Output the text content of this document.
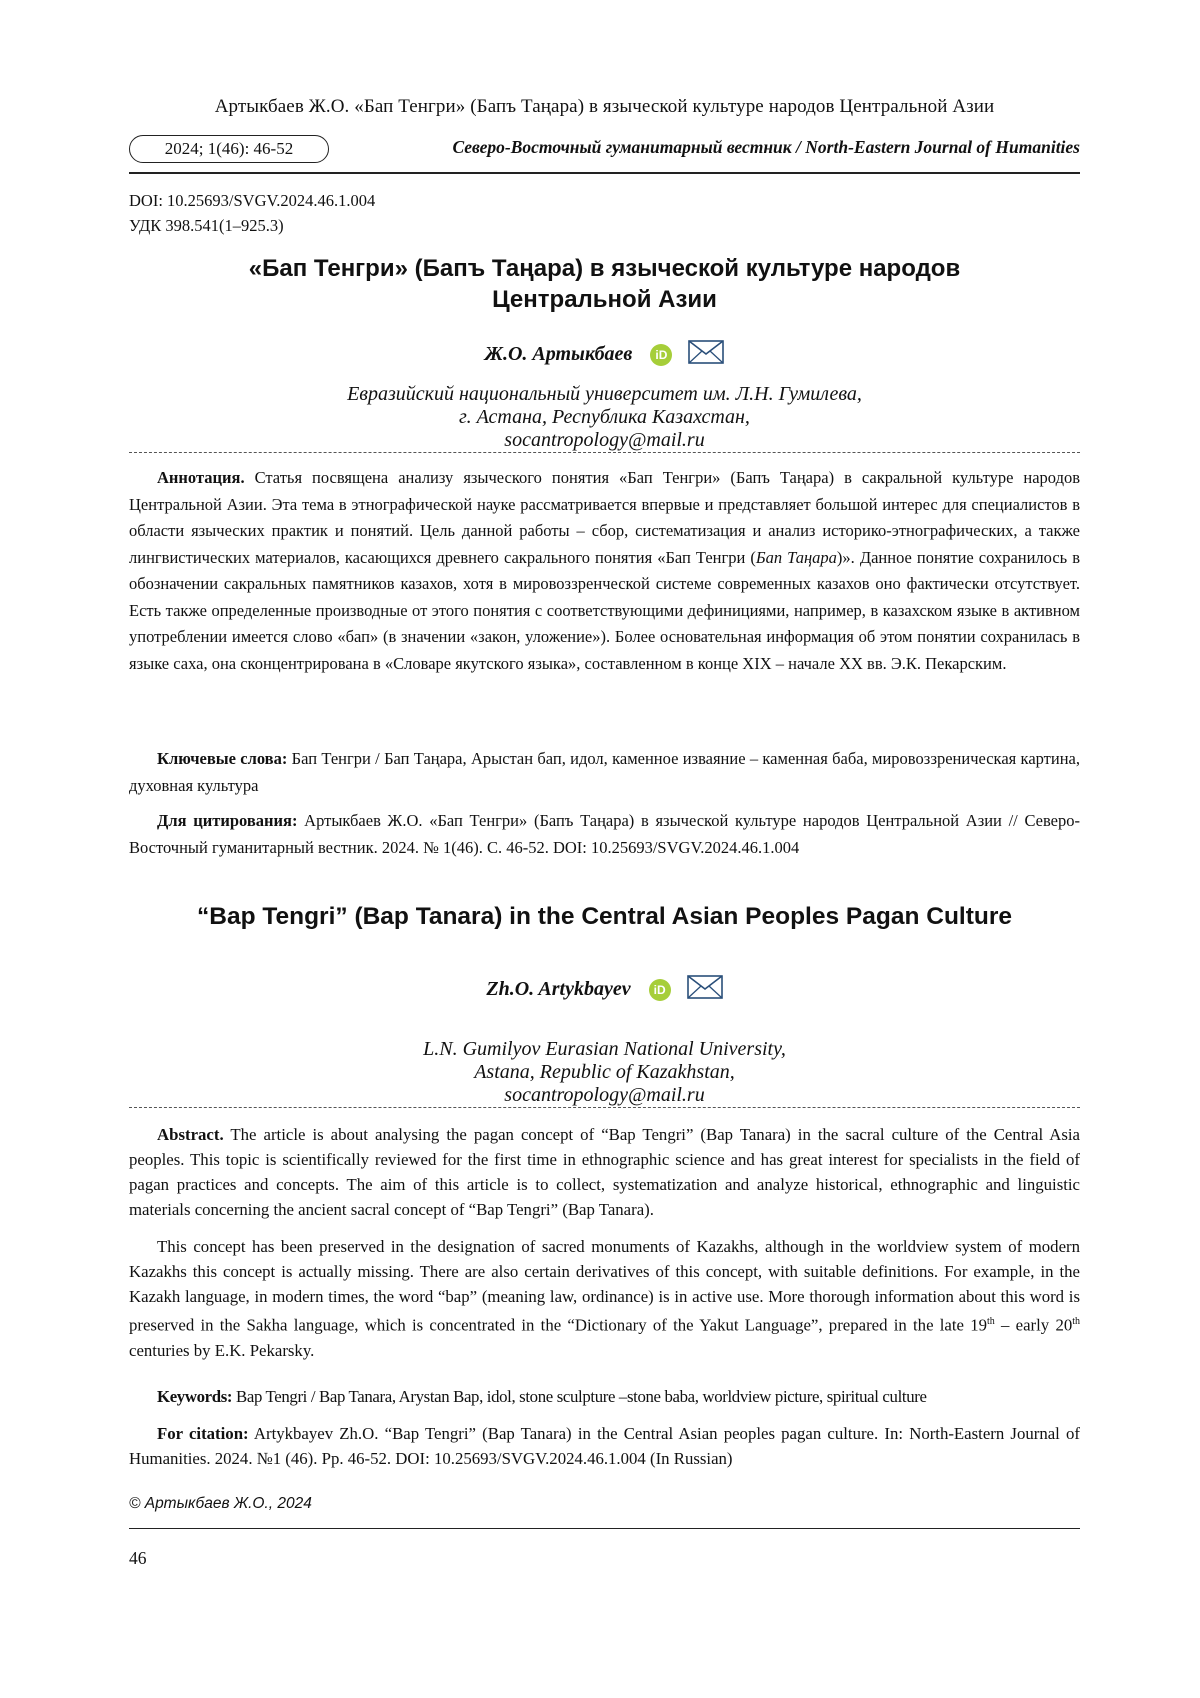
Артыкбаев Ж.О. «Бап Тенгри» (Бапъ Таңара) в языческой культуре народов Центральной Азии
2024; 1(46): 46-52	Северо-Восточный гуманитарный вестник / North-Eastern Journal of Humanities
DOI: 10.25693/SVGV.2024.46.1.004
УДК 398.541(1–925.3)
«Бап Тенгри» (Бапъ Таңара) в языческой культуре народов
Центральной Азии
Ж.О. Артыкбаев iD
Евразийский национальный университет им. Л.Н. Гумилева,
г. Астана, Республика Казахстан,
socantropology@mail.ru

Аннотация. Статья посвящена анализу языческого понятия «Бап Тенгри» (Бапъ Таңара) в сакральной культуре народов Центральной Азии. Эта тема в этнографической науке рассматривается впервые и представляет большой интерес для специалистов в области языческих практик и понятий. Цель данной работы – сбор, систематизация и анализ историко-этнографических, а также лингвистических материалов, касающихся древнего сакрального понятия «Бап Тенгри (Бап Таңара)». Данное понятие сохранилось в обозначении сакральных памятников казахов, хотя в мировоззренческой системе современных казахов оно фактически отсутствует. Есть также определенные производные от этого понятия с соответствующими дефинициями, например, в казахском языке в активном употреблении имеется слово «бап» (в значении «закон, уложение»). Более основательная информация об этом понятии сохранилась в языке саха, она сконцентрирована в «Словаре якутского языка», составленном в конце XIX – начале XX вв. Э.К. Пекарским.

Ключевые слова: Бап Тенгри / Бап Таңара, Арыстан бап, идол, каменное изваяние – каменная баба, мировоззреническая картина, духовная культура

Для цитирования: Артыкбаев Ж.О. «Бап Тенгри» (Бапъ Таңара) в языческой культуре народов Центральной Азии // Северо-Восточный гуманитарный вестник. 2024. № 1(46). С. 46-52. DOI: 10.25693/SVGV.2024.46.1.004

“Bap Tengri” (Bap Tanara) in the Central Asian Peoples Pagan Culture
Zh.O. Artykbayev iD
L.N. Gumilyov Eurasian National University,
Astana, Republic of Kazakhstan,
socantropology@mail.ru

Abstract. The article is about analysing the pagan concept of “Bap Tengri” (Bap Tanara) in the sacral culture of the Central Asia peoples. This topic is scientifically reviewed for the first time in ethnographic science and has great interest for specialists in the field of pagan practices and concepts. The aim of this article is to collect, systematization and analyze historical, ethnographic and linguistic materials concerning the ancient sacral concept of “Bap Tengri” (Bap Tanara).

This concept has been preserved in the designation of sacred monuments of Kazakhs, although in the worldview system of modern Kazakhs this concept is actually missing. There are also certain derivatives of this concept, with suitable definitions. For example, in the Kazakh language, in modern times, the word “bap” (meaning law, ordinance) is in active use. More thorough information about this word is preserved in the Sakha language, which is concentrated in the “Dictionary of the Yakut Language”, prepared in the late 19th – early 20th centuries by E.K. Pekarsky.

Keywords: Bap Tengri / Bap Tanara, Arystan Bap, idol, stone sculpture –stone baba, worldview picture, spiritual culture

For citation: Artykbayev Zh.O. “Bap Tengri” (Bap Tanara) in the Central Asian peoples pagan culture. In: North-Eastern Journal of Humanities. 2024. №1 (46). Pp. 46-52. DOI: 10.25693/SVGV.2024.46.1.004 (In Russian)

© Артыкбаев Ж.О., 2024
46
